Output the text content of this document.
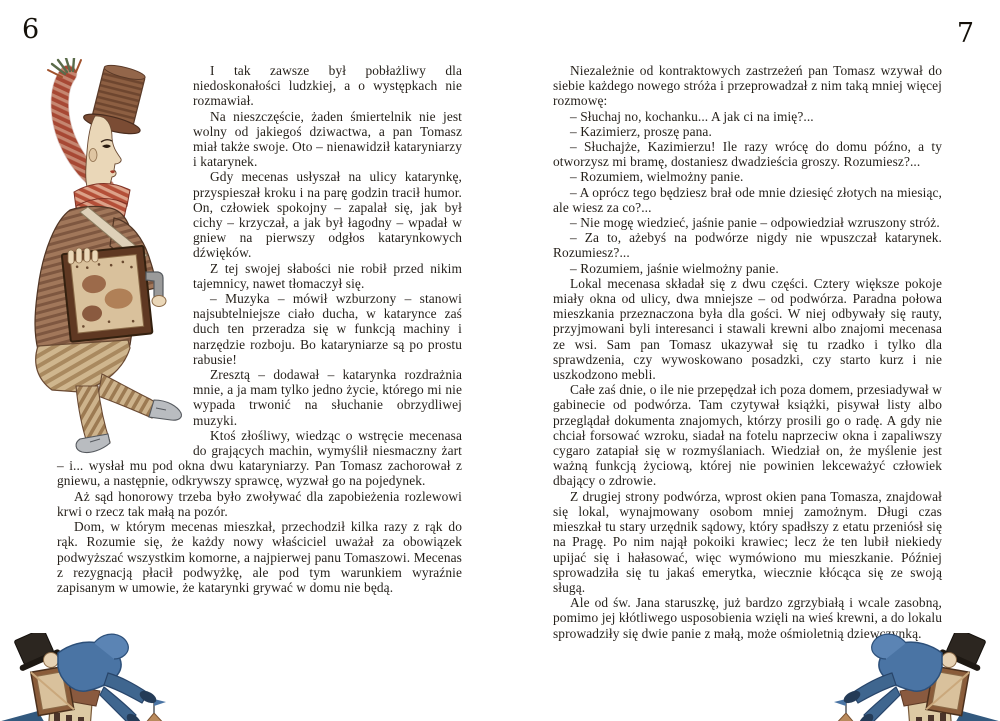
6

I tak zawsze był pobłażliwy dla niedoskonałości ludzkiej, a o występkach nie rozmawiał.

Na nieszczęście, żaden śmiertelnik nie jest wolny od jakiegoś dziwactwa, a pan Tomasz miał także swoje. Oto – nienawidził kataryniarzy i katarynek.

Gdy mecenas usłyszał na ulicy katarynkę, przyspieszał kroku i na parę godzin tracił humor. On, człowiek spokojny – zapalał się, jak był cichy – krzyczał, a jak był łagodny – wpadał w gniew na pierwszy odgłos katarynkowych dźwięków.

Z tej swojej słabości nie robił przed nikim tajemnicy, nawet tłomaczył się.

– Muzyka – mówił wzburzony – stanowi najsubtelniejsze ciało ducha, w katarynce zaś duch ten przeradza się w funkcją machiny i narzędzie rozboju. Bo kataryniarze są po prostu rabusie!

Zresztą – dodawał – katarynka rozdrażnia mnie, a ja mam tylko jedno życie, którego mi nie wypada trwonić na słuchanie obrzydliwej muzyki.

Ktoś złośliwy, wiedząc o wstręcie mecenasa do grających machin, wymyślił niesmaczny żart – i... wysłał mu pod okna dwu kataryniarzy. Pan Tomasz zachorował z gniewu, a następnie, odkrywszy sprawcę, wyzwał go na pojedynek.

Aż sąd honorowy trzeba było zwoływać dla zapobieżenia rozlewowi krwi o rzecz tak małą na pozór.

Dom, w którym mecenas mieszkał, przechodził kilka razy z rąk do rąk. Rozumie się, że każdy nowy właściciel uważał za obowiązek podwyższać wszystkim komorne, a najpierwej panu Tomaszowi. Mecenas z rezygnacją płacił podwyżkę, ale pod tym warunkiem wyraźnie zapisanym w umowie, że katarynki grywać w domu nie będą.

7

Niezależnie od kontraktowych zastrzeżeń pan Tomasz wzywał do siebie każdego nowego stróża i przeprowadzał z nim taką mniej więcej rozmowę:

– Słuchaj no, kochanku... A jak ci na imię?...

– Kazimierz, proszę pana.

– Słuchajże, Kazimierzu! Ile razy wrócę do domu późno, a ty otworzysz mi bramę, dostaniesz dwadzieścia groszy. Rozumiesz?...

– Rozumiem, wielmożny panie.

– A oprócz tego będziesz brał ode mnie dziesięć złotych na miesiąc, ale wiesz za co?...

– Nie mogę wiedzieć, jaśnie panie – odpowiedział wzruszony stróż.

– Za to, ażebyś na podwórze nigdy nie wpuszczał katarynek. Rozumiesz?...

– Rozumiem, jaśnie wielmożny panie.

Lokal mecenasa składał się z dwu części. Cztery większe pokoje miały okna od ulicy, dwa mniejsze – od podwórza. Paradna połowa mieszkania przeznaczona była dla gości. W niej odbywały się rauty, przyjmowani byli interesanci i stawali krewni albo znajomi mecenasa ze wsi. Sam pan Tomasz ukazywał się tu rzadko i tylko dla sprawdzenia, czy wywoskowano posadzki, czy starto kurz i nie uszkodzono mebli.

Całe zaś dnie, o ile nie przepędzał ich poza domem, przesiadywał w gabinecie od podwórza. Tam czytywał książki, pisywał listy albo przeglądał dokumenta znajomych, którzy prosili go o radę. A gdy nie chciał forsować wzroku, siadał na fotelu naprzeciw okna i zapaliwszy cygaro zatapiał się w rozmyślaniach. Wiedział on, że myślenie jest ważną funkcją życiową, której nie powinien lekceważyć człowiek dbający o zdrowie.

Z drugiej strony podwórza, wprost okien pana Tomasza, znajdował się lokal, wynajmowany osobom mniej zamożnym. Długi czas mieszkał tu stary urzędnik sądowy, który spadłszy z etatu przeniósł się na Pragę. Po nim najął pokoiki krawiec; lecz że ten lubił niekiedy upijać się i hałasować, więc wymówiono mu mieszkanie. Później sprowadziła się tu jakaś emerytka, wiecznie kłócąca się ze swoją sługą.

Ale od św. Jana staruszkę, już bardzo zgrzybiałą i wcale zasobną, pomimo jej kłótliwego usposobienia wzięli na wieś krewni, a do lokalu sprowadziły się dwie panie z małą, może ośmioletnią dziewczynką.
